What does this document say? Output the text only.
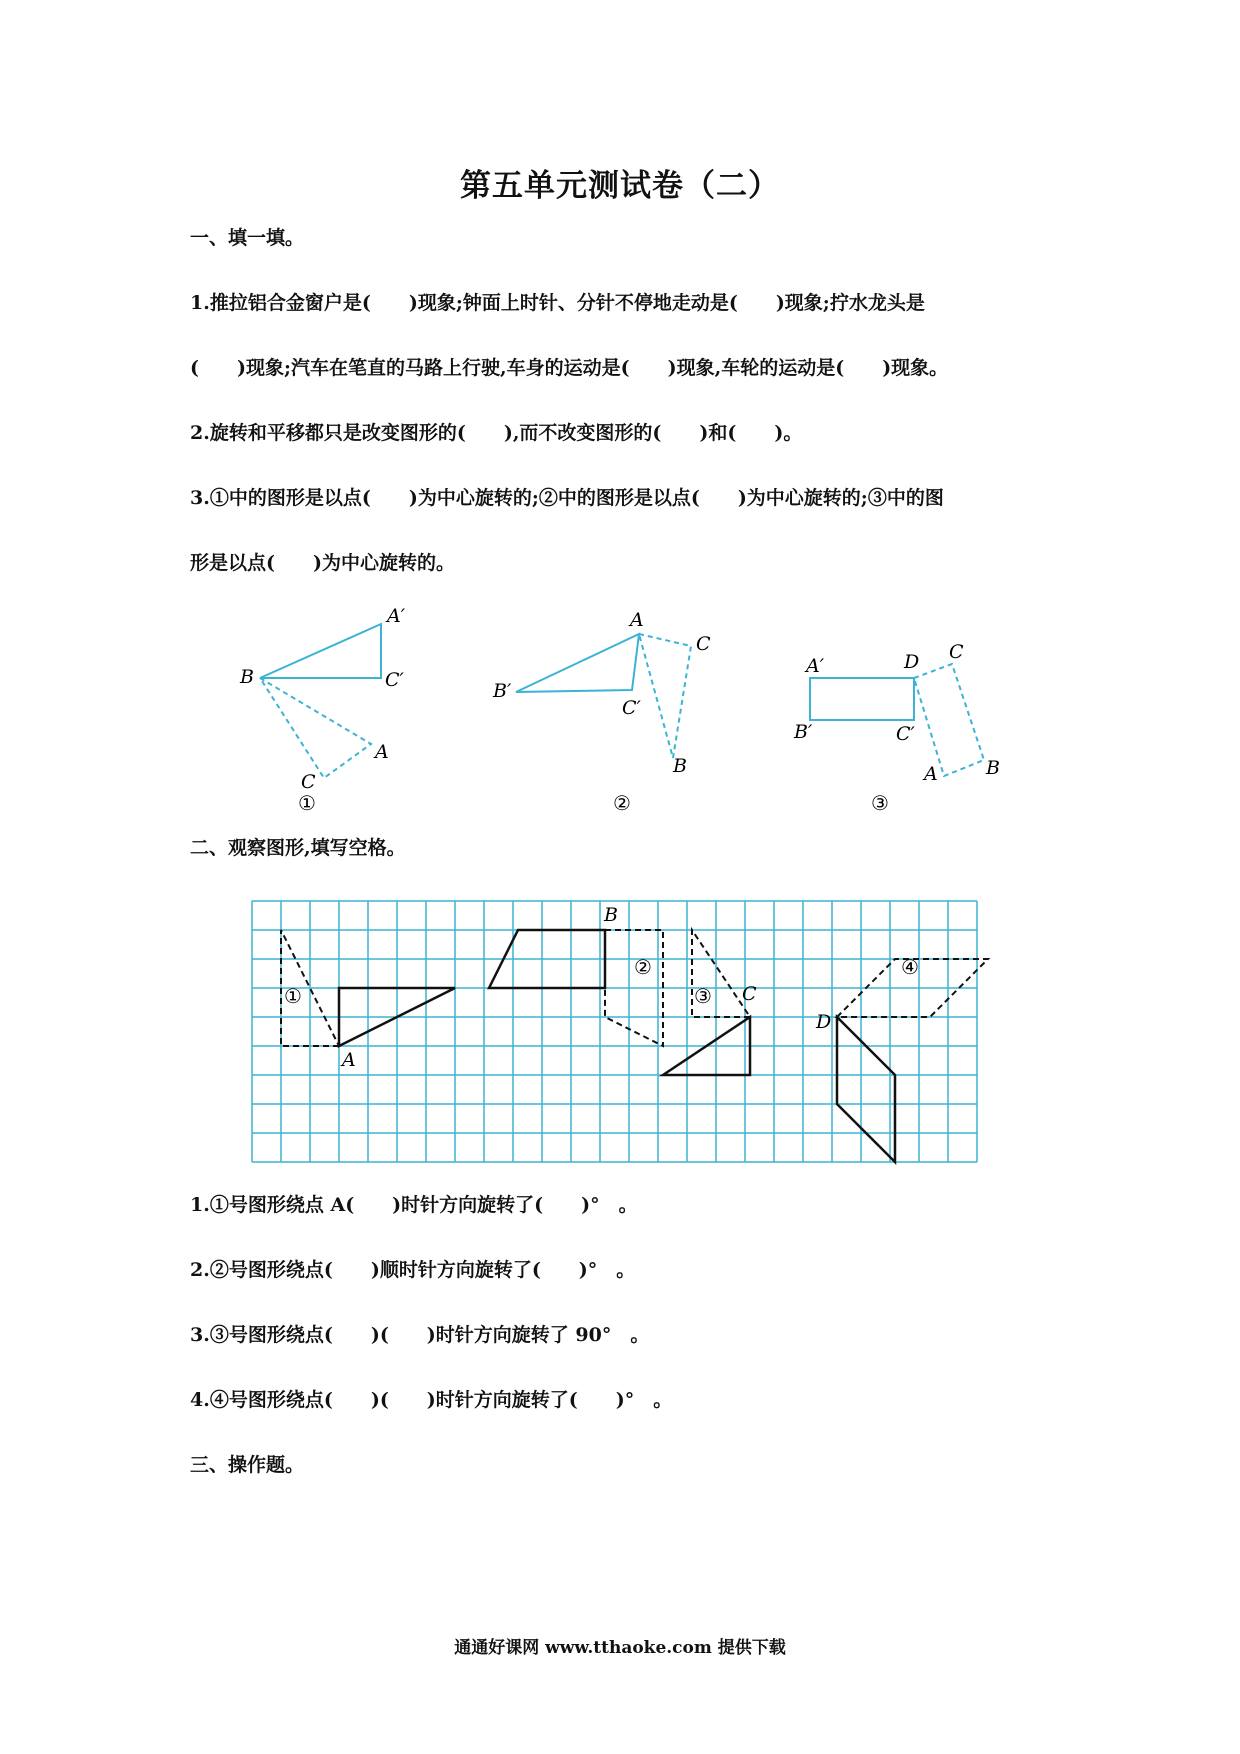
第五单元测试卷（二）
一、填一填。
1.推拉铝合金窗户是(　　)现象;钟面上时针、分针不停地走动是(　　)现象;拧水龙头是
(　　)现象;汽车在笔直的马路上行驶,车身的运动是(　　)现象,车轮的运动是(　　)现象。
2.旋转和平移都只是改变图形的(　　),而不改变图形的(　　)和(　　)。
3.①中的图形是以点(　　)为中心旋转的;②中的图形是以点(　　)为中心旋转的;③中的图
形是以点(　　)为中心旋转的。
A′
B	C′
A
C
①
A
C
B′
C′
B
②
A′	D C
B′	C′
A	B
③
二、观察图形,填写空格。
①
A
B
②
③ C
D
④
1.①号图形绕点 A(　　)时针方向旋转了(　　)°　。
2.②号图形绕点(　　)顺时针方向旋转了(　　)°　。
3.③号图形绕点(　　)(　　)时针方向旋转了 90°　。
4.④号图形绕点(　　)(　　)时针方向旋转了(　　)°　。
三、操作题。
通通好课网 www.tthaoke.com 提供下载
